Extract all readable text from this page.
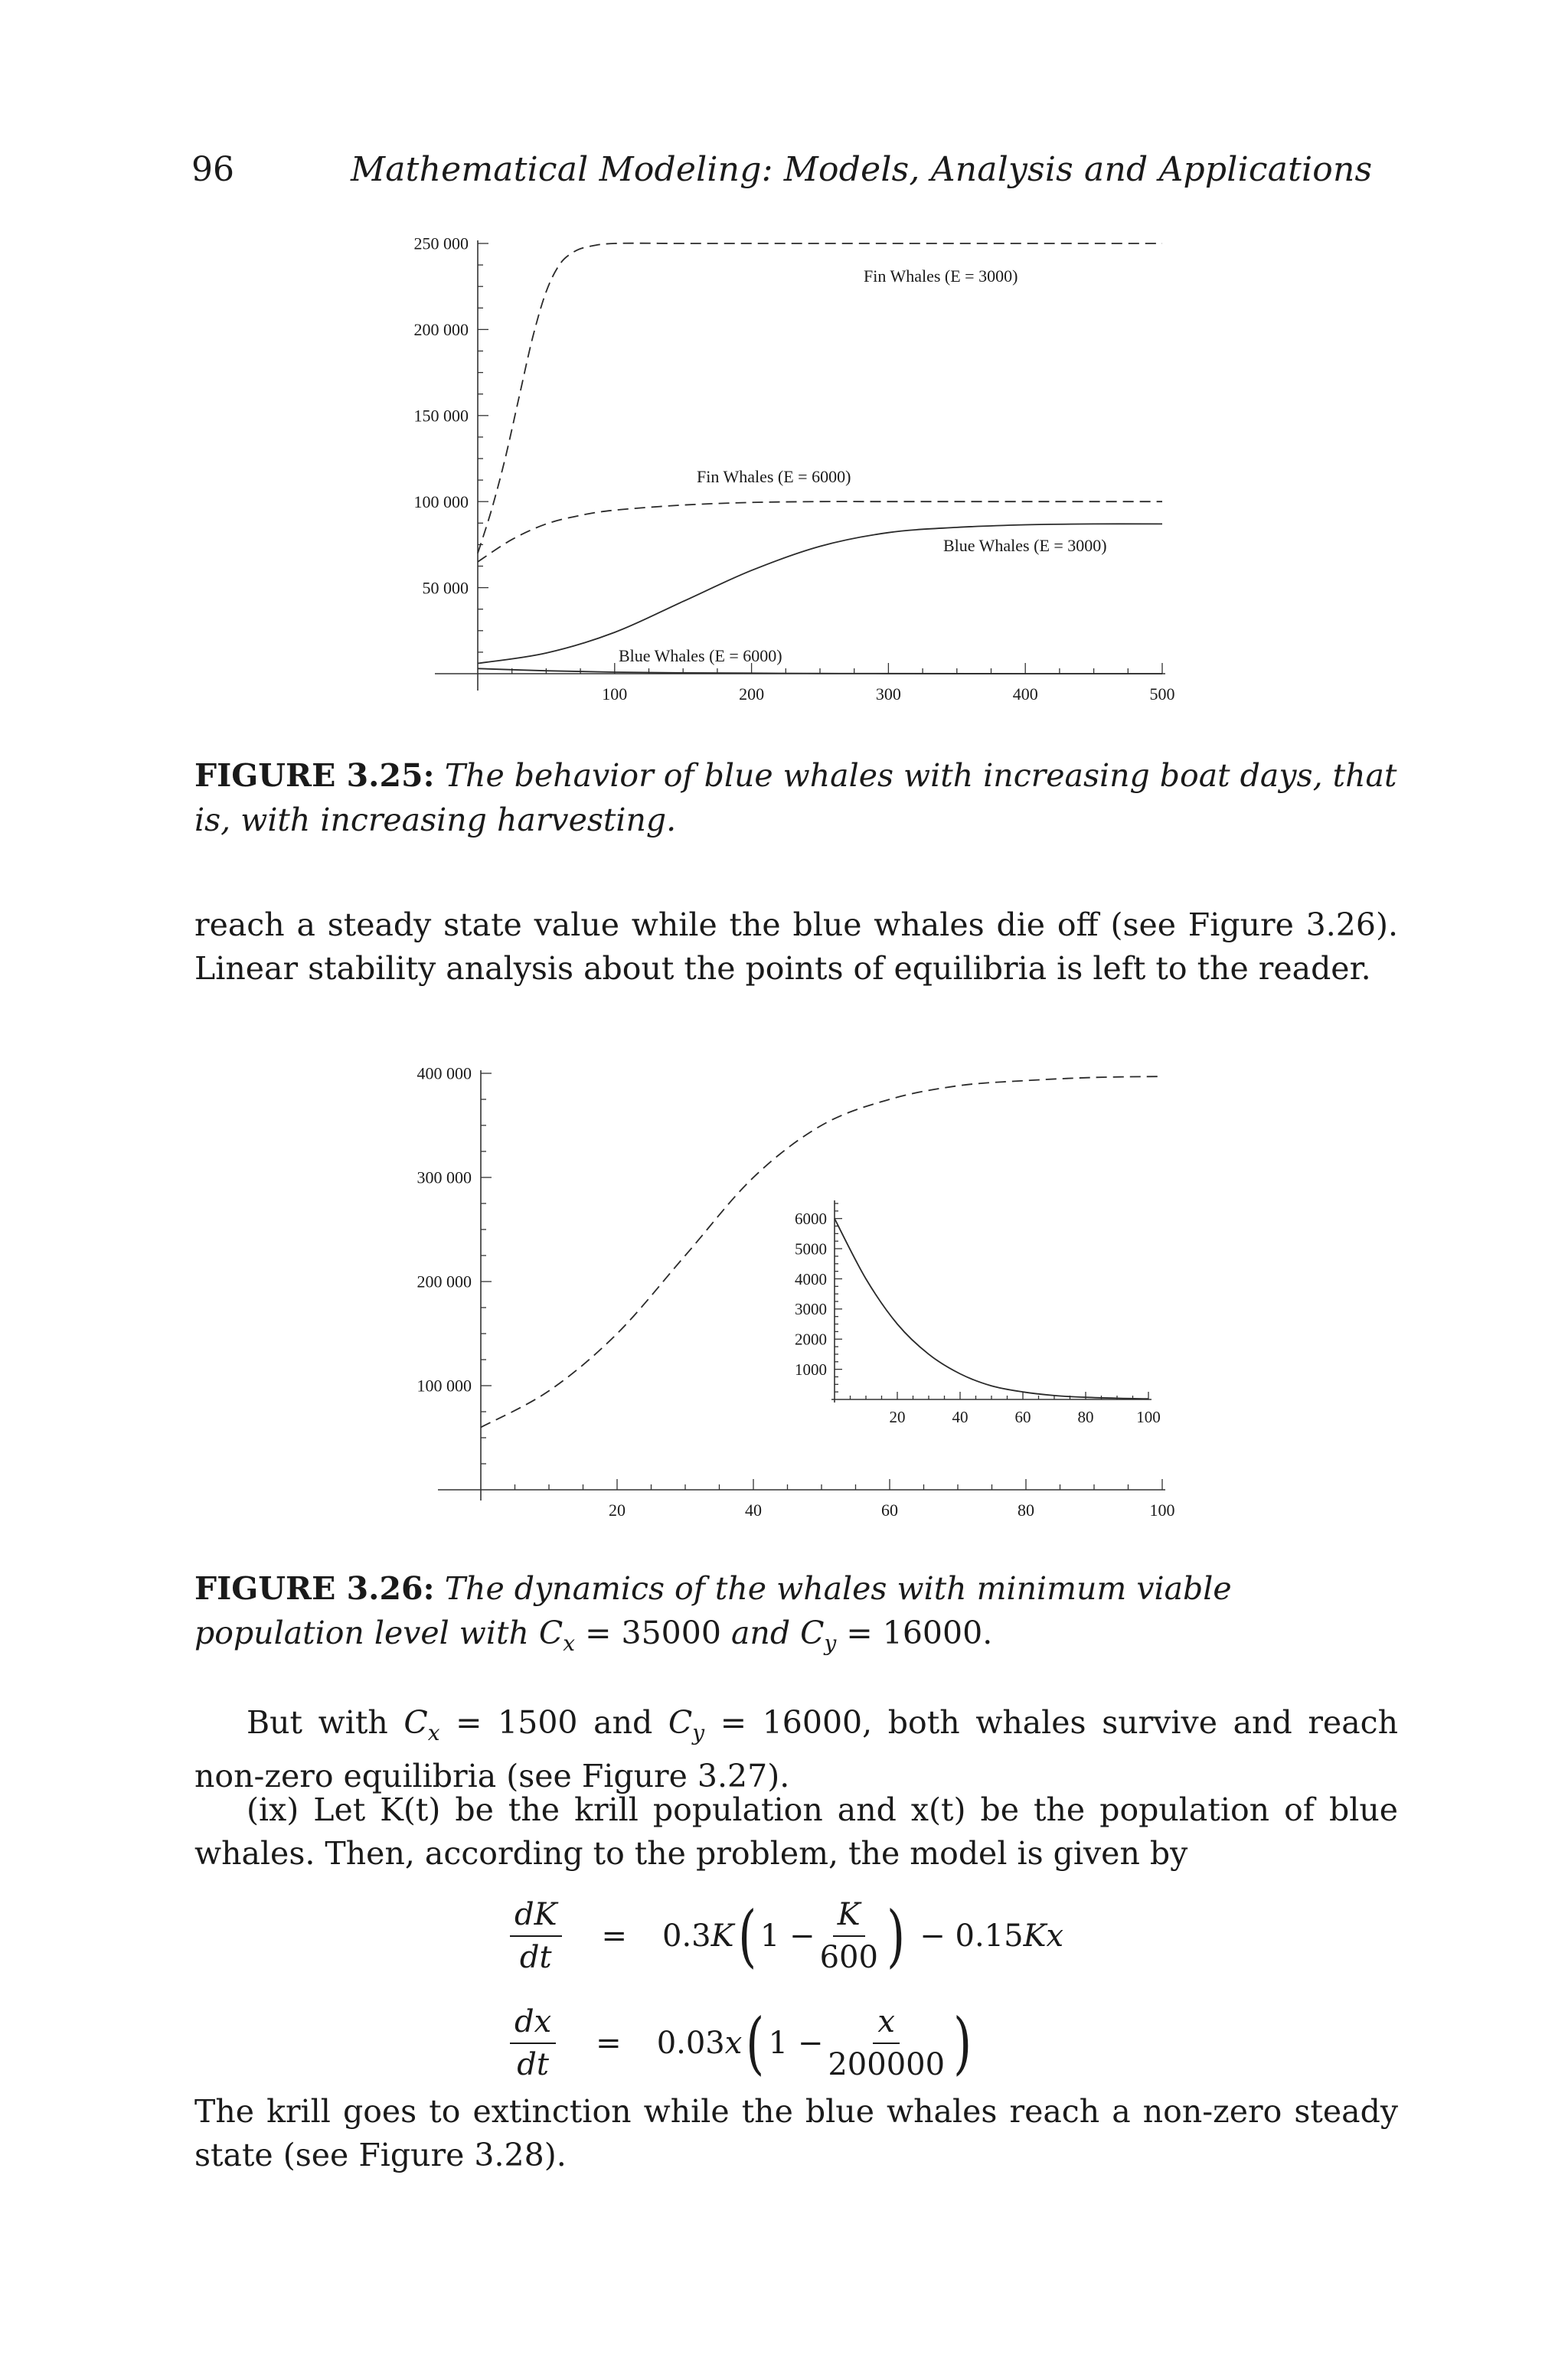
96	Mathematical Modeling: Models, Analysis and Applications
100	200	300	400	500
50 000
100 000
150 000
200 000
250 000
Fin Whales (E = 3000)
Fin Whales (E = 6000)
Blue Whales (E = 3000)
Blue Whales (E = 6000)
FIGURE 3.25: The behavior of blue whales with increasing boat days, that is, with increasing harvesting.
reach a steady state value while the blue whales die off (see Figure 3.26). Linear stability analysis about the points of equilibria is left to the reader.
20	40	60	80	100
100 000
200 000
300 000
400 000
20	40	60	80	100
1000
2000
3000
4000
5000
6000
FIGURE 3.26: The dynamics of the whales with minimum viable population level with $C_x = 35000$ and $C_y = 16000$.
But with $C_x = 1500$ and $C_y = 16000$, both whales survive and reach non-zero equilibria (see Figure 3.27).
(ix) Let K(t) be the krill population and x(t) be the population of blue whales. Then, according to the problem, the model is given by
$\frac{dK}{dt} = 0.3$ K ( $1 - \frac{K}{600}$ ) − 0.15 Kx
$\frac{dx}{dt} = 0.03$ x ( $1 - \frac{x}{200000}$ )
The krill goes to extinction while the blue whales reach a non-zero steady state (see Figure 3.28).
